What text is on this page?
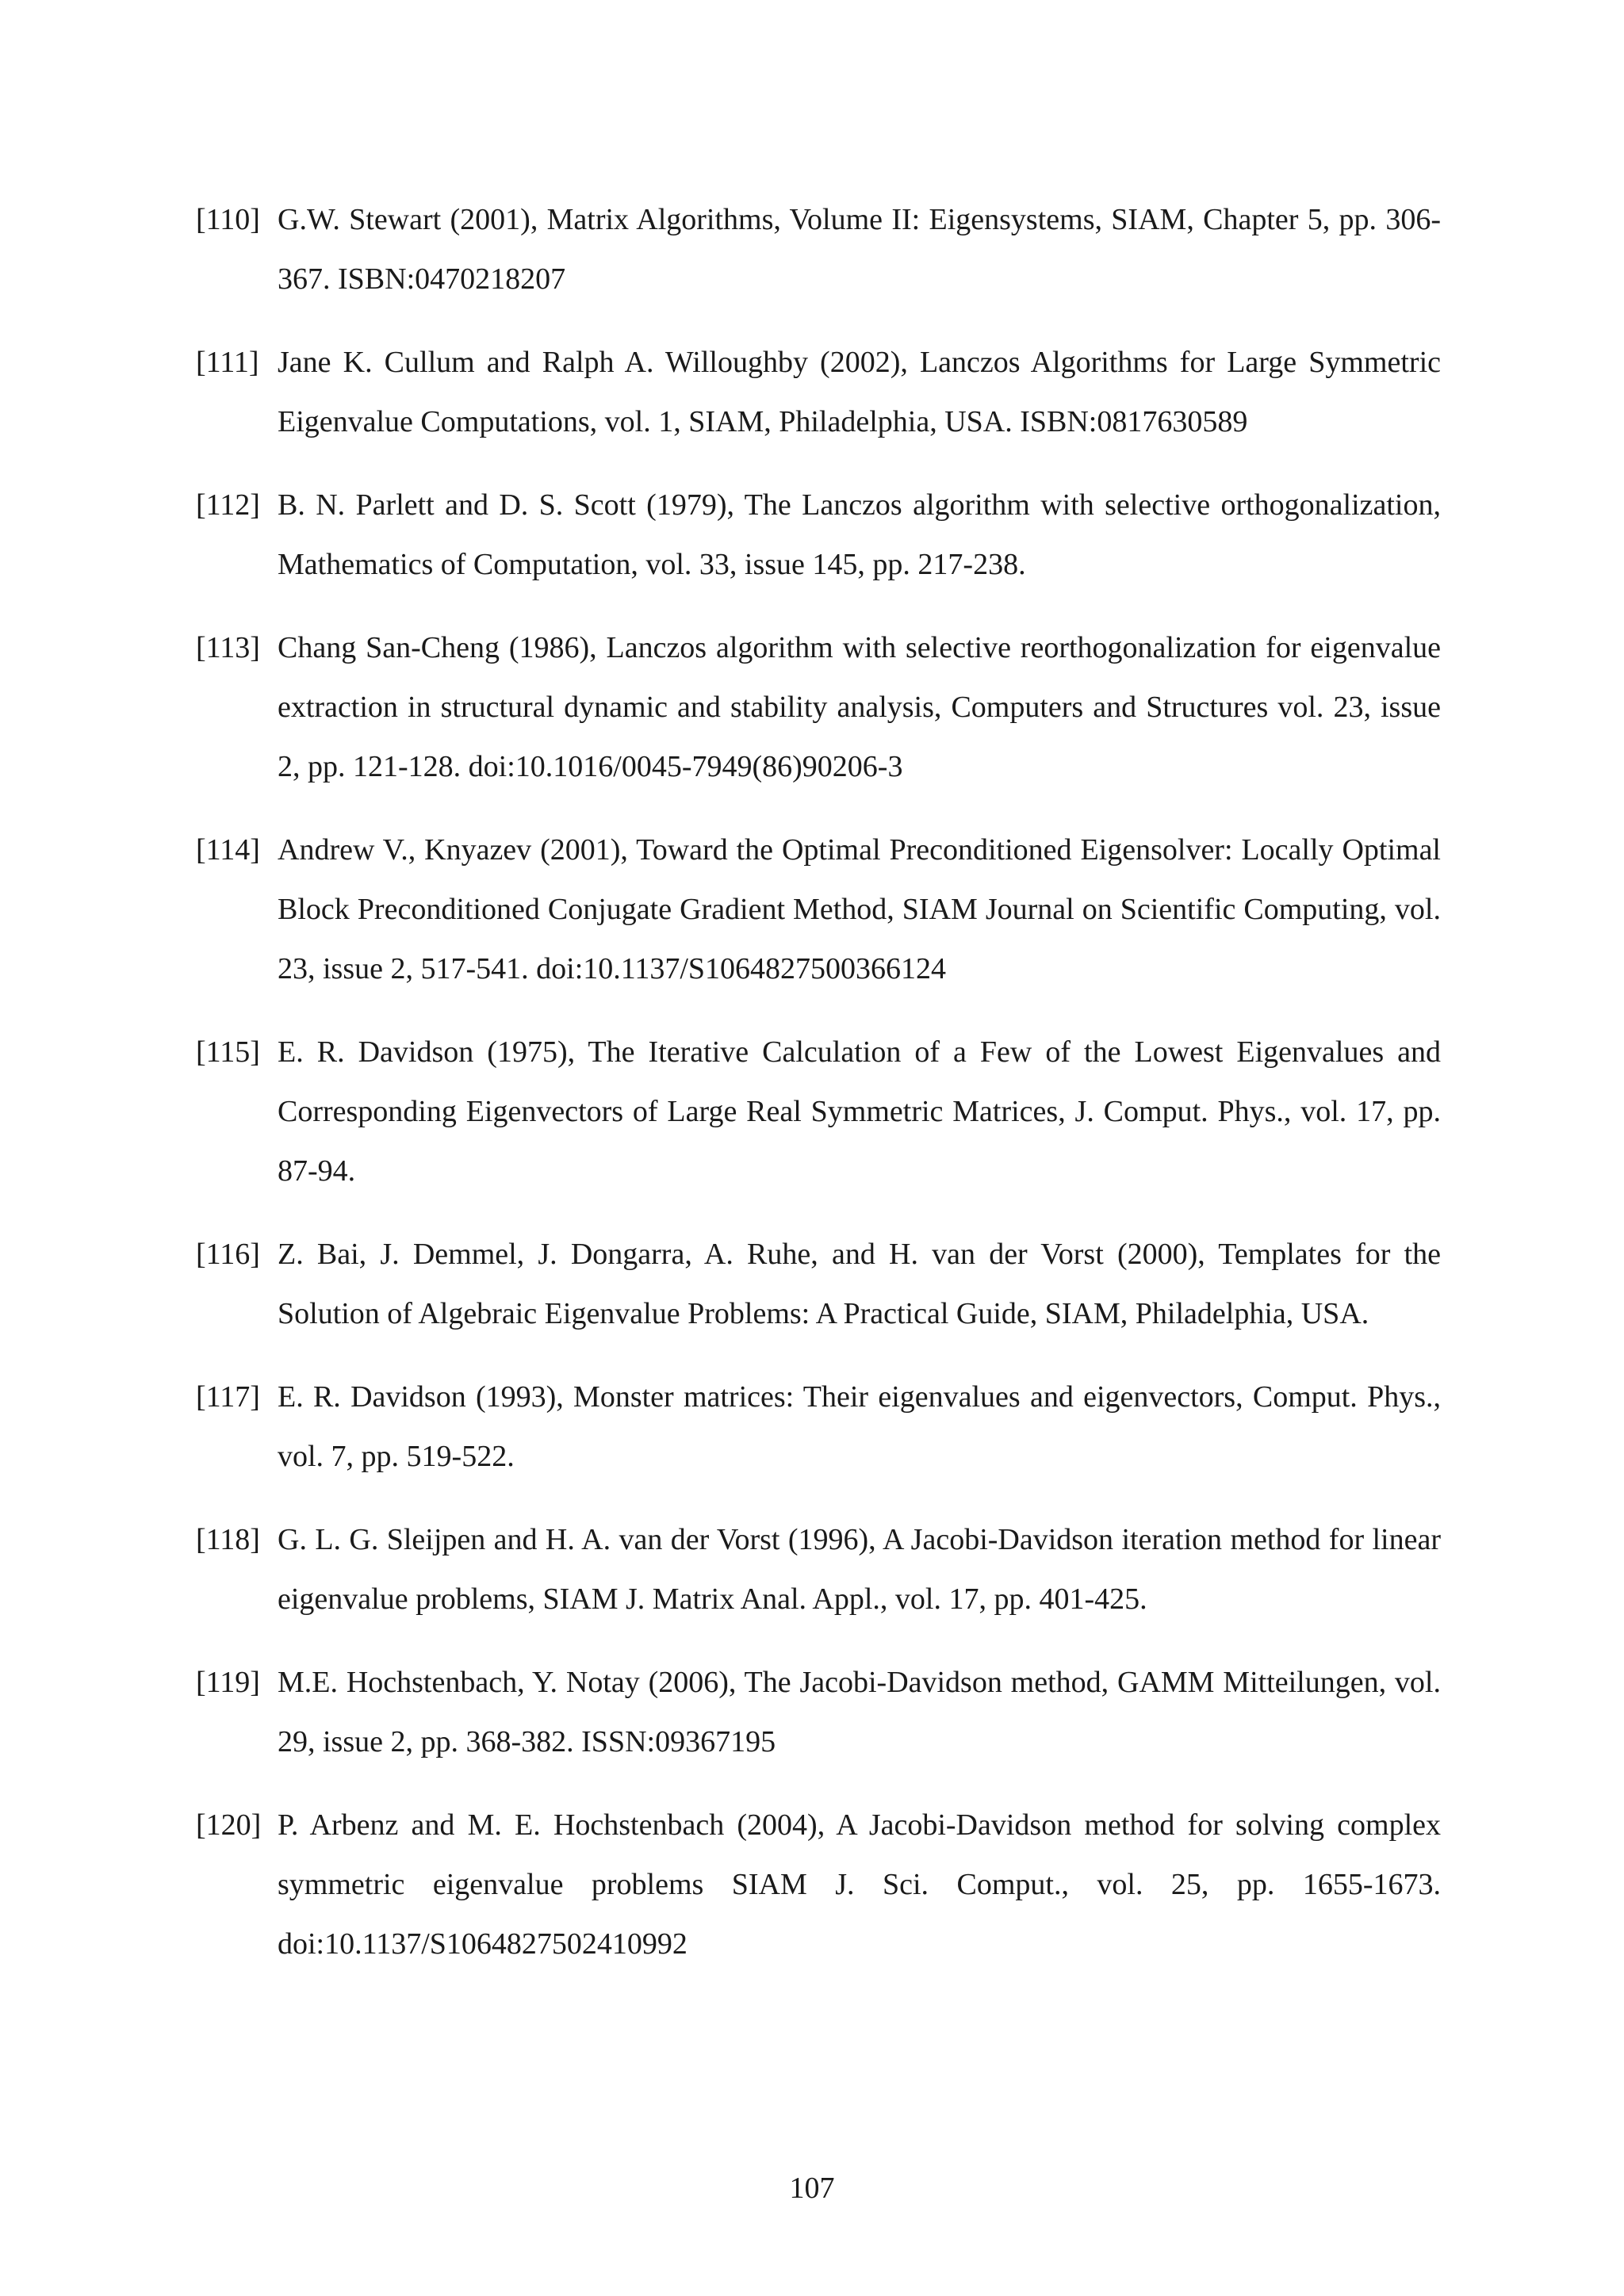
[110] G.W. Stewart (2001), Matrix Algorithms, Volume II: Eigensystems, SIAM, Chapter 5, pp. 306-367. ISBN:0470218207
[111] Jane K. Cullum and Ralph A. Willoughby (2002), Lanczos Algorithms for Large Symmetric Eigenvalue Computations, vol. 1, SIAM, Philadelphia, USA. ISBN:0817630589
[112] B. N. Parlett and D. S. Scott (1979), The Lanczos algorithm with selective orthogonalization, Mathematics of Computation, vol. 33, issue 145, pp. 217-238.
[113] Chang San-Cheng (1986), Lanczos algorithm with selective reorthogonalization for eigenvalue extraction in structural dynamic and stability analysis, Computers and Structures vol. 23, issue 2, pp. 121-128. doi:10.1016/0045-7949(86)90206-3
[114] Andrew V., Knyazev (2001), Toward the Optimal Preconditioned Eigensolver: Locally Optimal Block Preconditioned Conjugate Gradient Method, SIAM Journal on Scientific Computing, vol. 23, issue 2, 517-541. doi:10.1137/S1064827500366124
[115] E. R. Davidson (1975), The Iterative Calculation of a Few of the Lowest Eigenvalues and Corresponding Eigenvectors of Large Real Symmetric Matrices, J. Comput. Phys., vol. 17, pp. 87-94.
[116] Z. Bai, J. Demmel, J. Dongarra, A. Ruhe, and H. van der Vorst (2000), Templates for the Solution of Algebraic Eigenvalue Problems: A Practical Guide, SIAM, Philadelphia, USA.
[117] E. R. Davidson (1993), Monster matrices: Their eigenvalues and eigenvectors, Comput. Phys., vol. 7, pp. 519-522.
[118] G. L. G. Sleijpen and H. A. van der Vorst (1996), A Jacobi-Davidson iteration method for linear eigenvalue problems, SIAM J. Matrix Anal. Appl., vol. 17, pp. 401-425.
[119] M.E. Hochstenbach, Y. Notay (2006), The Jacobi-Davidson method, GAMM Mitteilungen, vol. 29, issue 2, pp. 368-382. ISSN:09367195
[120] P. Arbenz and M. E. Hochstenbach (2004), A Jacobi-Davidson method for solving complex symmetric eigenvalue problems SIAM J. Sci. Comput., vol. 25, pp. 1655-1673. doi:10.1137/S1064827502410992
107
